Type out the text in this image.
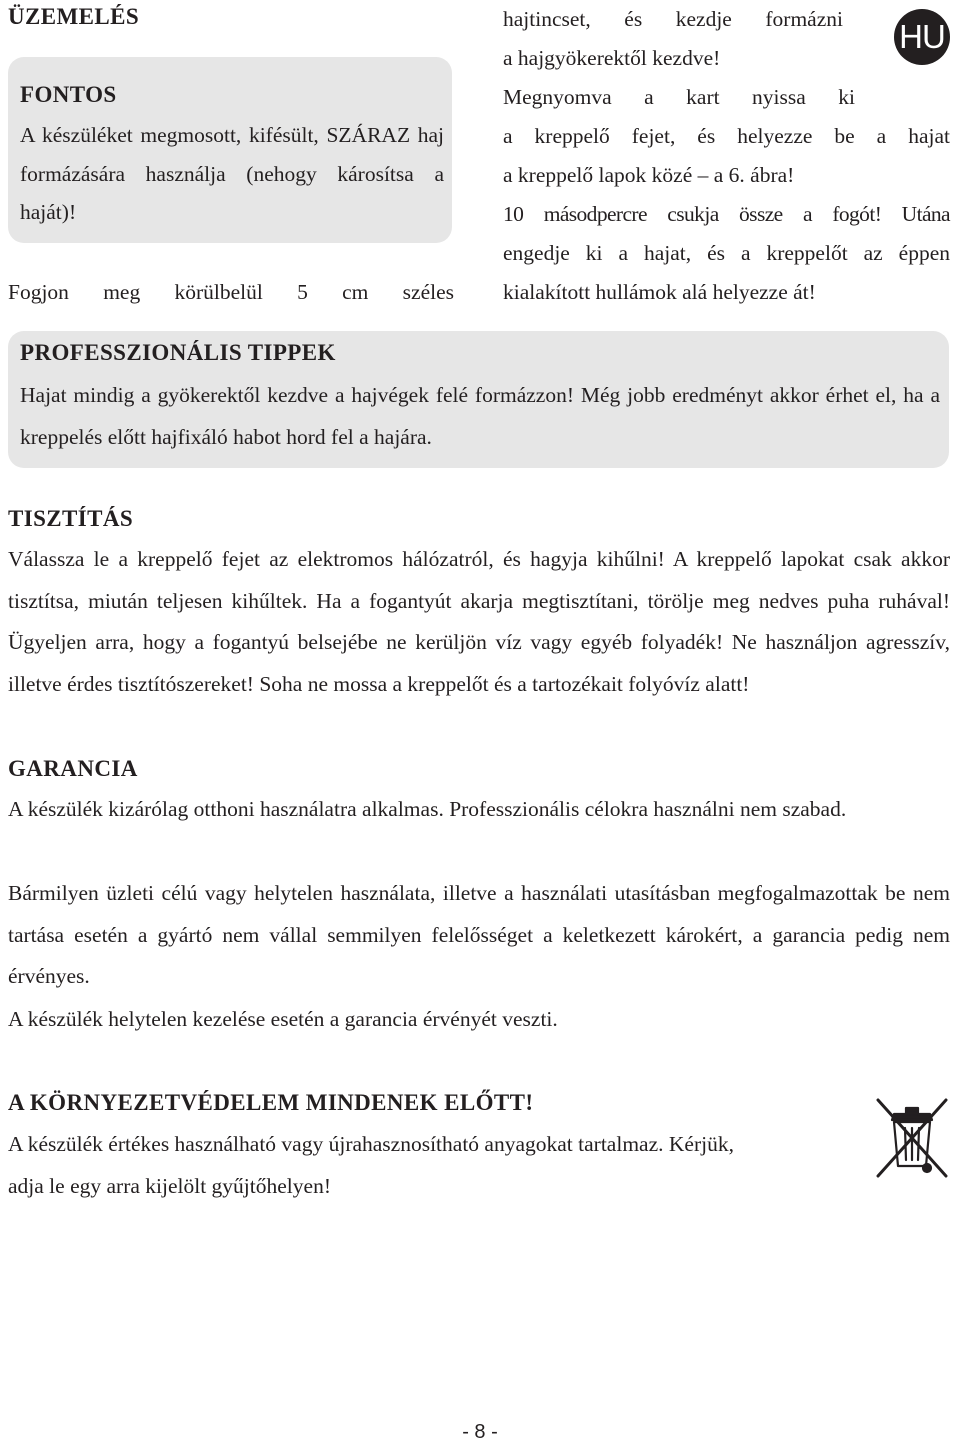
ÜZEMELÉS
FONTOS

A készüléket megmosott, kifésült, SZÁRAZ haj formázására használja (nehogy károsítsa a haját)!

Fogjon meg körülbelül 5 cm széles

hajtincset, és kezdje formázni

a hajgyökerektől kezdve!

Megnyomva a kart nyissa ki

a kreppelő fejet, és helyezze be a hajat

a kreppelő lapok közé – a 6. ábra!

10 másodpercre csukja össze a fogót! Utána

engedje ki a hajat, és a kreppelőt az éppen

kialakított hullámok alá helyezze át!

HU
PROFESSZIONÁLIS TIPPEK

Hajat mindig a gyökerektől kezdve a hajvégek felé formázzon! Még jobb eredményt akkor érhet el, ha a kreppelés előtt hajfixáló habot hord fel a hajára.

TISZTÍTÁS

Válassza le a kreppelő fejet az elektromos hálózatról, és hagyja kihűlni! A kreppelő lapokat csak akkor tisztítsa, miután teljesen kihűltek. Ha a fogantyút akarja megtisztítani, törölje meg nedves puha ruhával! Ügyeljen arra, hogy a fogantyú belsejébe ne kerüljön víz vagy egyéb folyadék! Ne használjon agresszív, illetve érdes tisztítószereket! Soha ne mossa a kreppelőt és a tartozékait folyóvíz alatt!

GARANCIA

A készülék kizárólag otthoni használatra alkalmas. Professzionális célokra használni nem szabad.

Bármilyen üzleti célú vagy helytelen használata, illetve a használati utasításban megfogalmazottak be nem tartása esetén a gyártó nem vállal semmilyen felelősséget a keletkezett károkért, a garancia pedig nem érvényes.

A készülék helytelen kezelése esetén a garancia érvényét veszti.

A KÖRNYEZETVÉDELEM MINDENEK ELŐTT!

A készülék értékes használható vagy újrahasznosítható anyagokat tartalmaz. Kérjük, adja le egy arra kijelölt gyűjtőhelyen!

- 8 -
